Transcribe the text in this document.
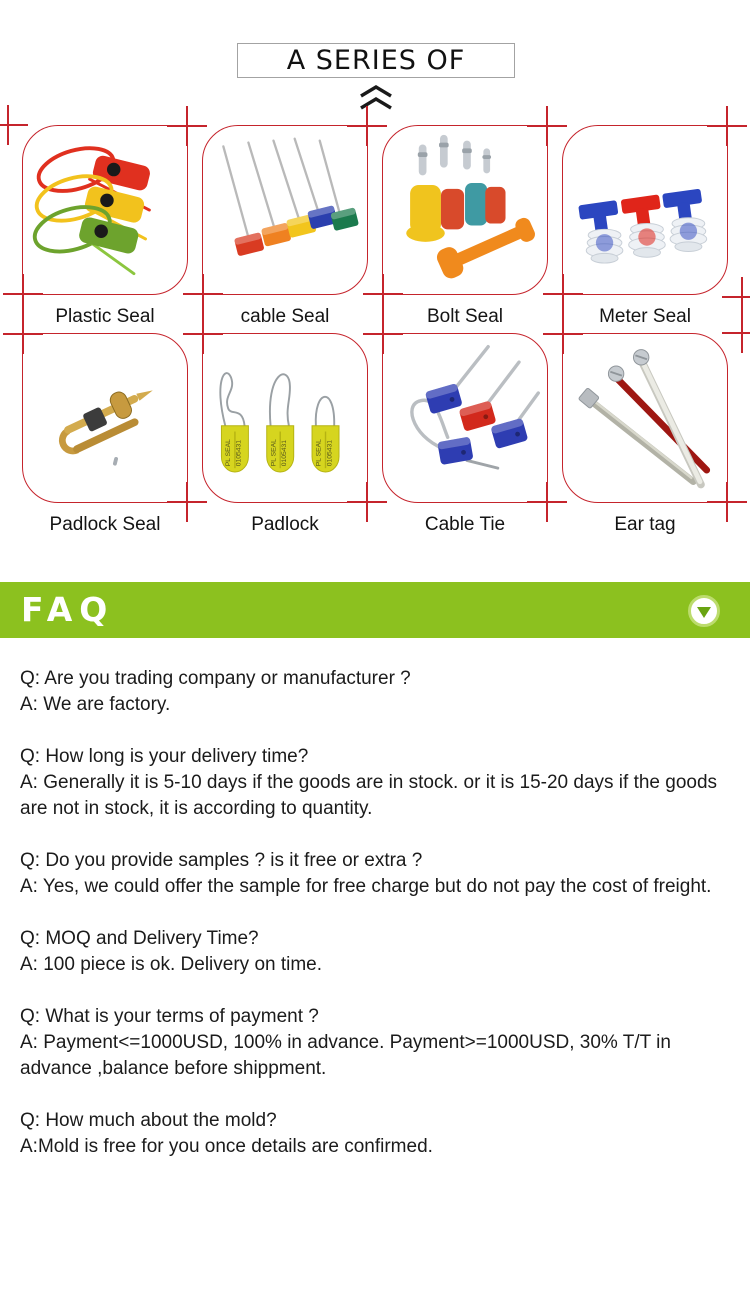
A SERIES OF
Plastic Seal	cable Seal	Bolt Seal	Meter Seal
Padlock Seal
PL SEAL 0105431	PL SEAL 0105431	PL SEAL 0105431
Padlock	Cable Tie	Ear tag
FAQ

Q: Are you trading company or manufacturer ?

A: We are factory.

Q: How long is your delivery time?

A: Generally it is 5-10 days if the goods are in stock. or it is 15-20 days if the goods are not in stock, it is according to quantity.

Q: Do you provide samples ? is it free or extra ?

A: Yes, we could offer the sample for free charge but do not pay the cost of freight.

Q: MOQ and Delivery Time?

A: 100 piece is ok. Delivery on time.

Q: What is your terms of payment ?

A: Payment<=1000USD, 100% in advance. Payment>=1000USD, 30% T/T in advance ,balance before shippment.

Q: How much about the mold?

A:Mold is free for you once details are confirmed.
